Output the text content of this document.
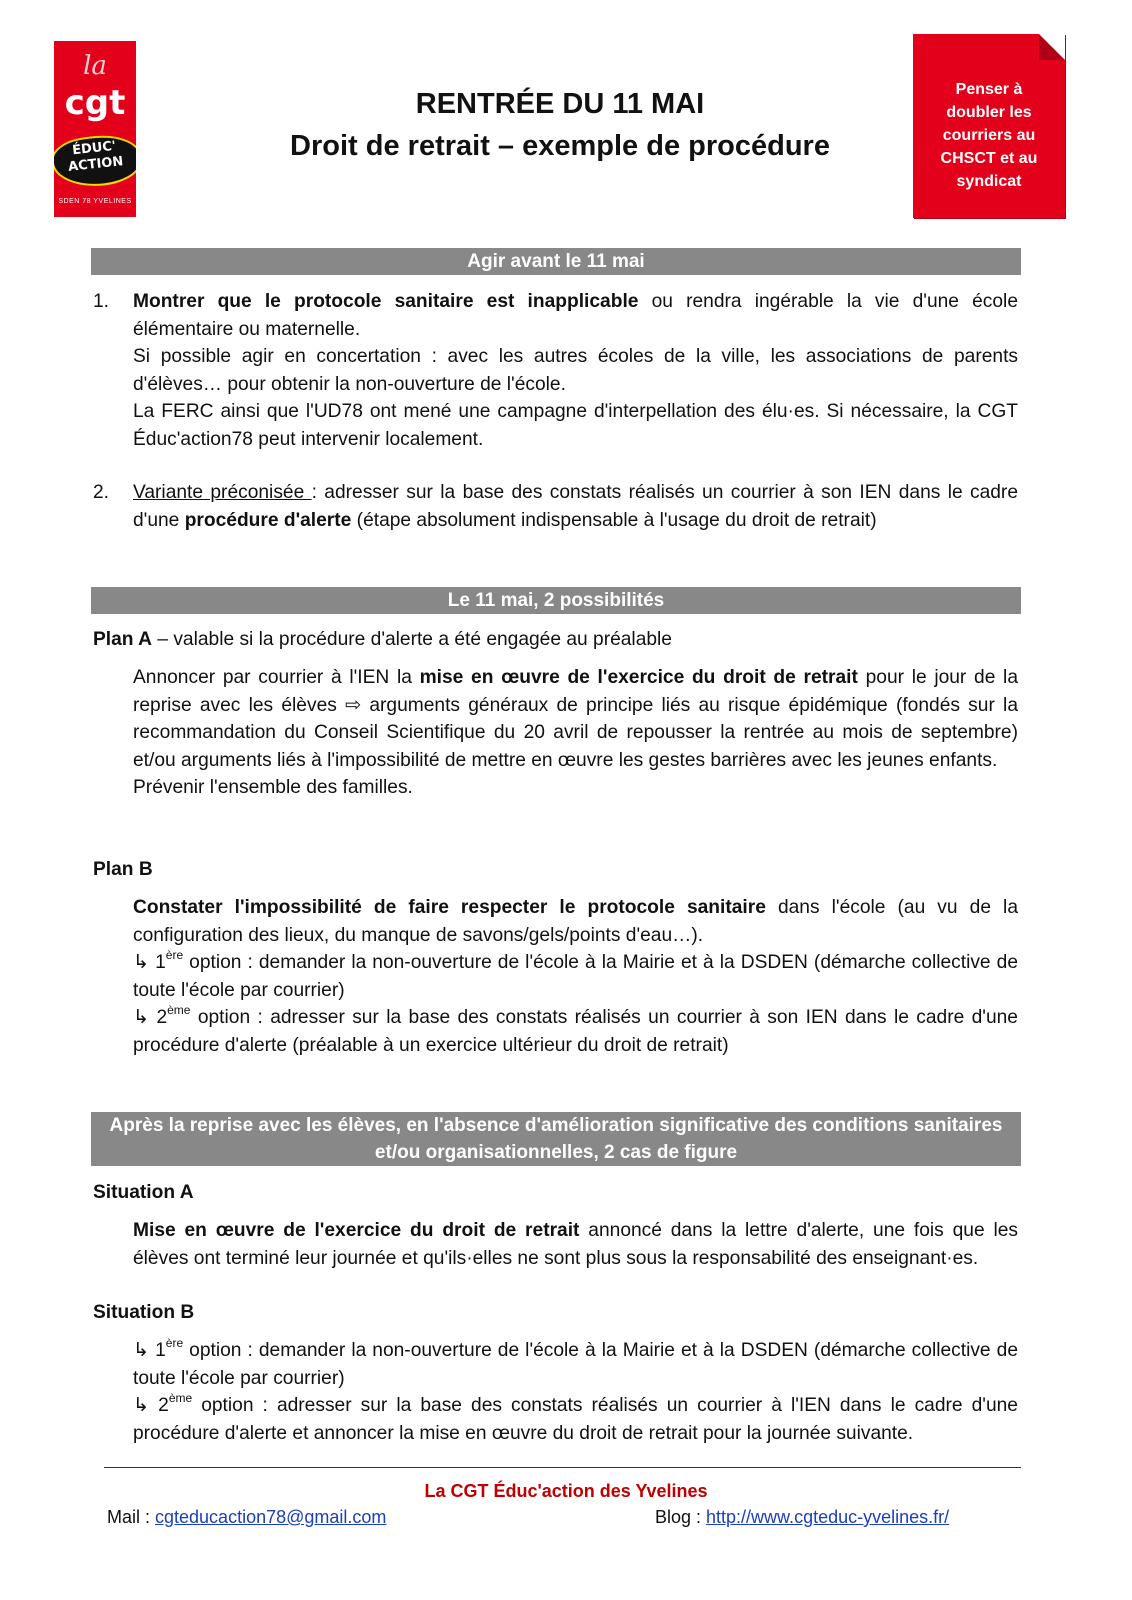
la
cgt
ÉDUC'
ACTION
SDEN 78 YVELINES
RENTRÉE DU 11 MAI
Droit de retrait – exemple de procédure
Penser à
doubler les
courriers au
CHSCT et au
syndicat
Agir avant le 11 mai
1. Montrer que le protocole sanitaire est inapplicable ou rendra ingérable la vie d'une école élémentaire ou maternelle.
Si possible agir en concertation : avec les autres écoles de la ville, les associations de parents d'élèves… pour obtenir la non-ouverture de l'école.
La FERC ainsi que l'UD78 ont mené une campagne d'interpellation des élu·es. Si nécessaire, la CGT Éduc'action78 peut intervenir localement.
2. Variante préconisée : adresser sur la base des constats réalisés un courrier à son IEN dans le cadre d'une procédure d'alerte (étape absolument indispensable à l'usage du droit de retrait)
Le 11 mai, 2 possibilités
Plan A – valable si la procédure d'alerte a été engagée au préalable
Annoncer par courrier à l'IEN la mise en œuvre de l'exercice du droit de retrait pour le jour de la reprise avec les élèves ⇨ arguments généraux de principe liés au risque épidémique (fondés sur la recommandation du Conseil Scientifique du 20 avril de repousser la rentrée au mois de septembre) et/ou arguments liés à l'impossibilité de mettre en œuvre les gestes barrières avec les jeunes enfants.
Prévenir l'ensemble des familles.
Plan B
Constater l'impossibilité de faire respecter le protocole sanitaire dans l'école (au vu de la configuration des lieux, du manque de savons/gels/points d'eau…).
↳ 1ère option : demander la non-ouverture de l'école à la Mairie et à la DSDEN (démarche collective de toute l'école par courrier)
↳ 2ème option : adresser sur la base des constats réalisés un courrier à son IEN dans le cadre d'une procédure d'alerte (préalable à un exercice ultérieur du droit de retrait)
Après la reprise avec les élèves, en l'absence d'amélioration significative des conditions sanitaires
et/ou organisationnelles, 2 cas de figure
Situation A
Mise en œuvre de l'exercice du droit de retrait annoncé dans la lettre d'alerte, une fois que les élèves ont terminé leur journée et qu'ils·elles ne sont plus sous la responsabilité des enseignant·es.
Situation B
↳ 1ère option : demander la non-ouverture de l'école à la Mairie et à la DSDEN (démarche collective de toute l'école par courrier)
↳ 2ème option : adresser sur la base des constats réalisés un courrier à l'IEN dans le cadre d'une procédure d'alerte et annoncer la mise en œuvre du droit de retrait pour la journée suivante.
La CGT Éduc'action des Yvelines
Mail : cgteducaction78@gmail.com	Blog : http://www.cgteduc-yvelines.fr/
